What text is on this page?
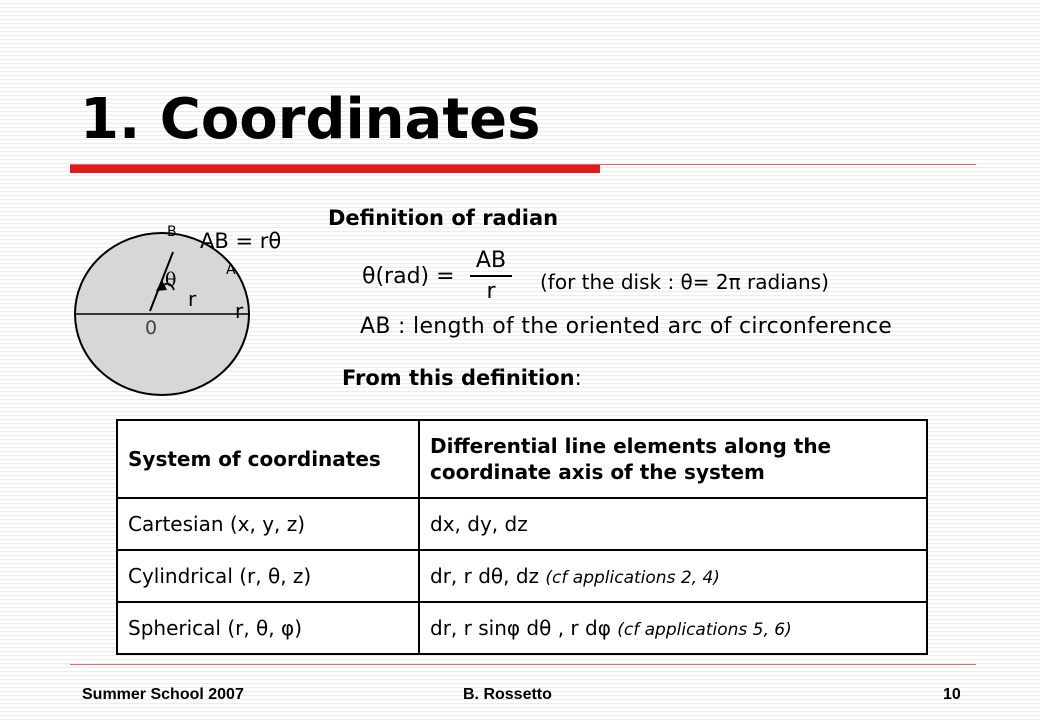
1. Coordinates
B
A
θ
r r
0
AB = rθ
Definition of radian
θ(rad) =
AB
r	(for the disk : θ= 2π radians)
AB : length of the oriented arc of circonference
From this definition:
System of coordinates	Differential line elements along the coordinate axis of the system
Cartesian (x, y, z)	dx, dy, dz
Cylindrical (r, θ, z)	dr, r dθ, dz (cf applications 2, 4)
Spherical (r, θ, φ)	dr, r sinφ dθ , r dφ (cf applications 5, 6)
Summer School 2007	B. Rossetto	10
